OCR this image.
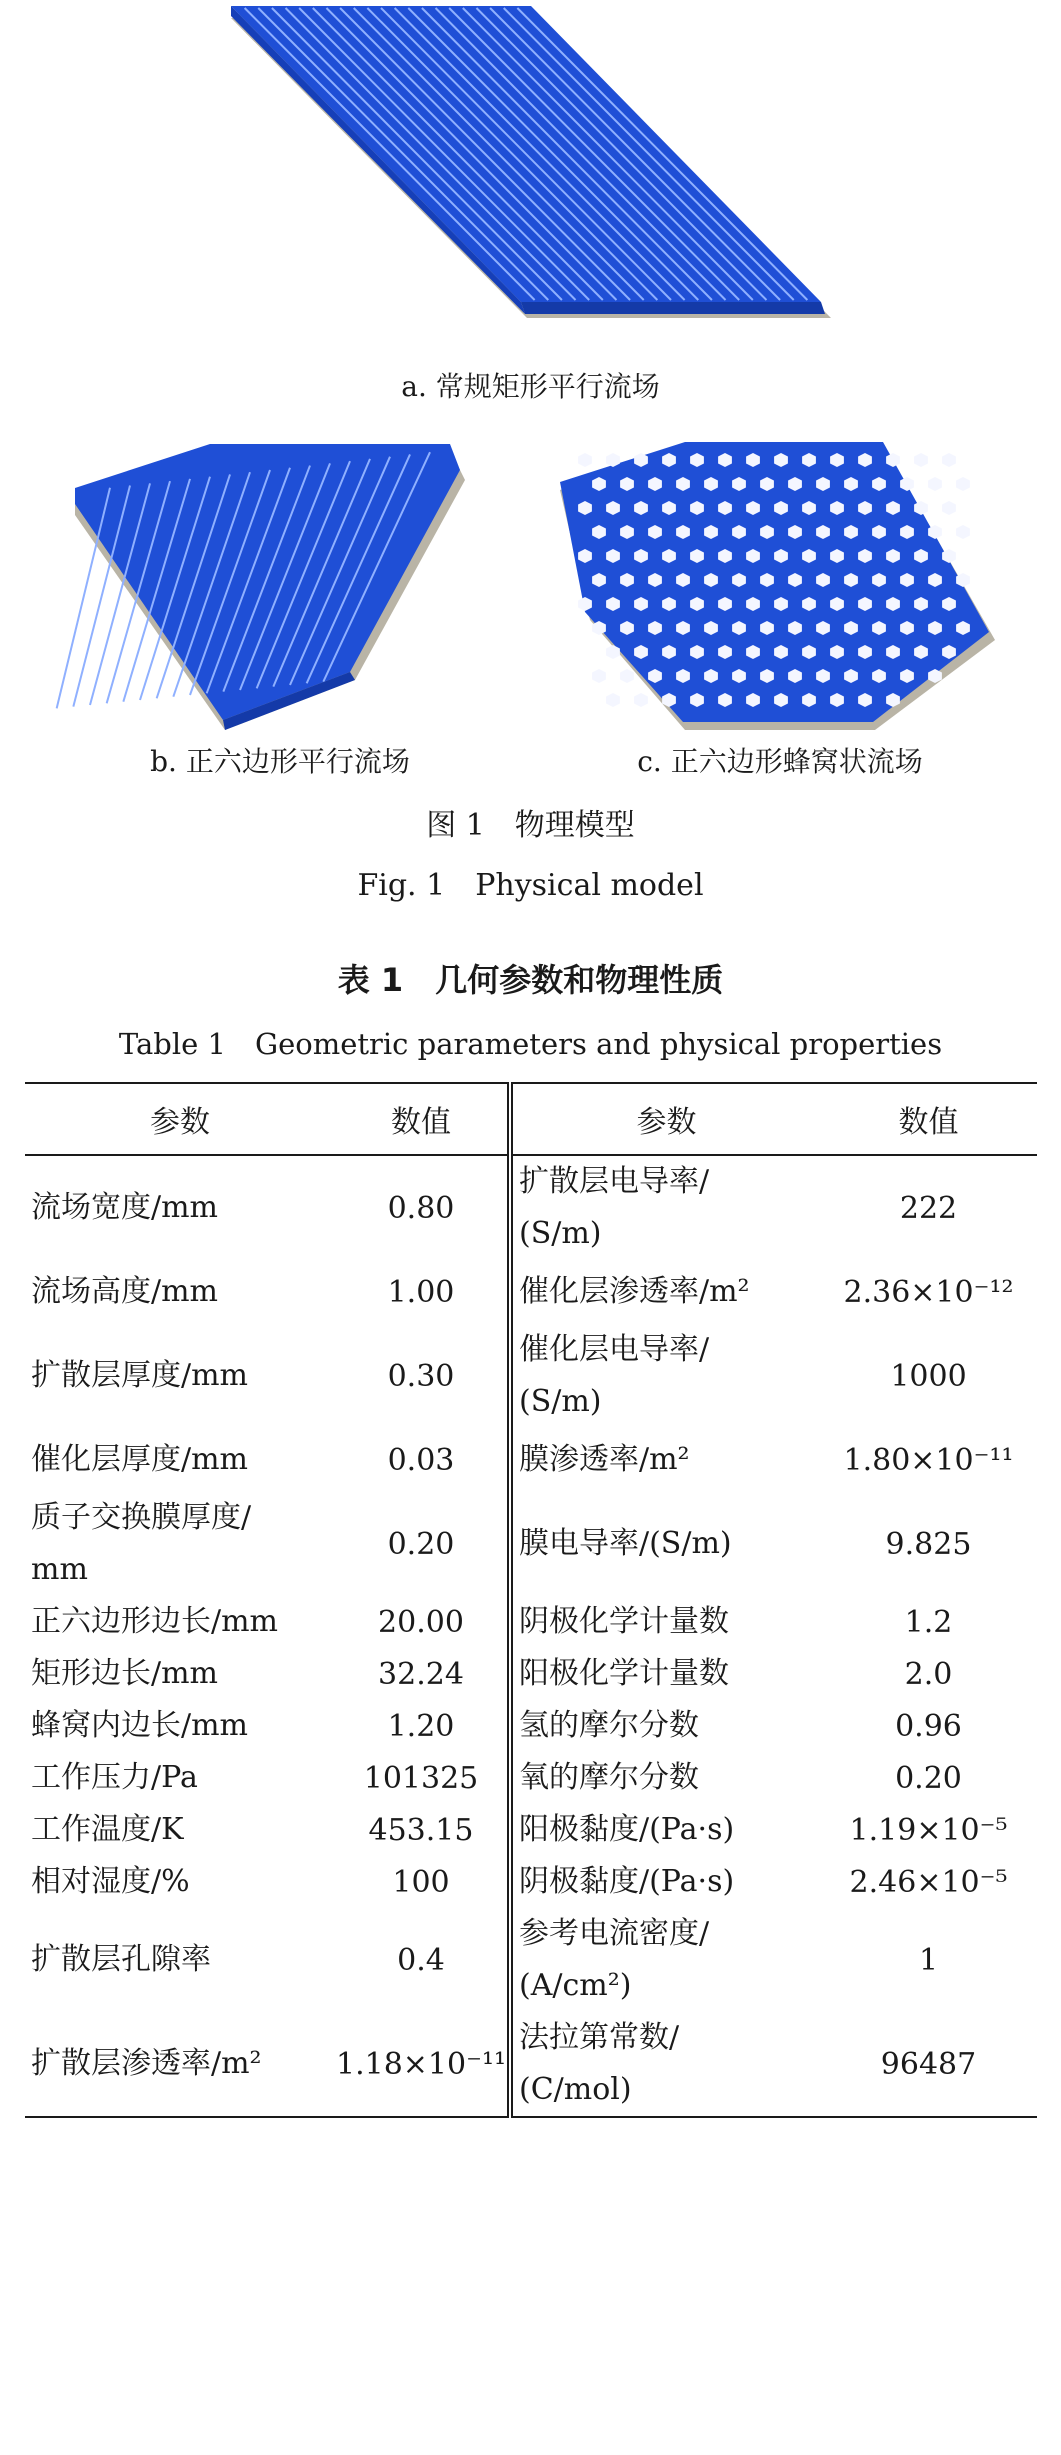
a. 常规矩形平行流场
b. 正六边形平行流场	c. 正六边形蜂窝状流场
图 1　物理模型
Fig. 1　Physical model
表 1　几何参数和物理性质
Table 1　Geometric parameters and physical properties
参数	数值	参数	数值

流场宽度/mm	0.80	扩散层电导率/
(S/m)	222

流场高度/mm	1.00	催化层渗透率/m²	2.36×10⁻¹²

扩散层厚度/mm	0.30	催化层电导率/
(S/m)	1000

催化层厚度/mm	0.03	膜渗透率/m²	1.80×10⁻¹¹

质子交换膜厚度/
mm	0.20	膜电导率/(S/m)	9.825

正六边形边长/mm	20.00	阴极化学计量数	1.2

矩形边长/mm	32.24	阳极化学计量数	2.0

蜂窝内边长/mm	1.20	氢的摩尔分数	0.96

工作压力/Pa	101325	氧的摩尔分数	0.20

工作温度/K	453.15	阳极黏度/(Pa·s)	1.19×10⁻⁵

相对湿度/%	100	阴极黏度/(Pa·s)	2.46×10⁻⁵

扩散层孔隙率	0.4	参考电流密度/
(A/cm²)	1

扩散层渗透率/m²	1.18×10⁻¹¹	法拉第常数/
(C/mol)	96487
